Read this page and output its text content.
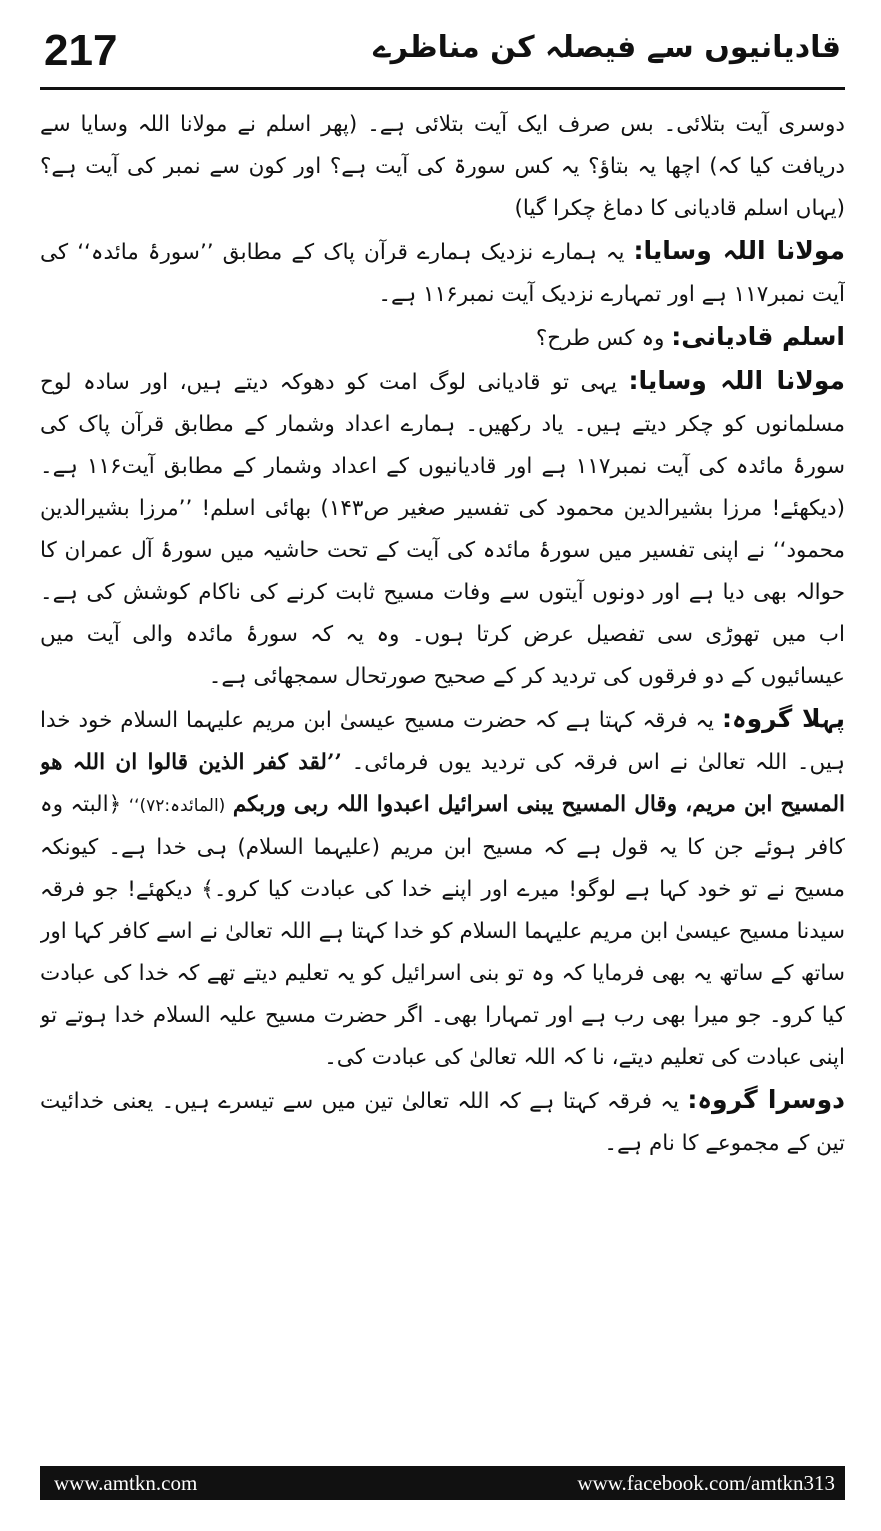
217	قادیانیوں سے فیصلہ کن مناظرے

دوسری آیت بتلائی۔ بس صرف ایک آیت بتلائی ہے۔ (پھر اسلم نے مولانا اللہ وسایا سے دریافت کیا کہ) اچھا یہ بتاؤ؟ یہ کس سورۃ کی آیت ہے؟ اور کون سے نمبر کی آیت ہے؟ (یہاں اسلم قادیانی کا دماغ چکرا گیا)

مولانا اللہ وسایا: یہ ہمارے نزدیک ہمارے قرآن پاک کے مطابق ’’سورۂ مائدہ‘‘ کی آیت نمبر۱۱۷ ہے اور تمہارے نزدیک آیت نمبر۱۱۶ ہے۔

اسلم قادیانی: وہ کس طرح؟

مولانا اللہ وسایا: یہی تو قادیانی لوگ امت کو دھوکہ دیتے ہیں، اور سادہ لوح مسلمانوں کو چکر دیتے ہیں۔ یاد رکھیں۔ ہمارے اعداد وشمار کے مطابق قرآن پاک کی سورۂ مائدہ کی آیت نمبر۱۱۷ ہے اور قادیانیوں کے اعداد وشمار کے مطابق آیت۱۱۶ ہے۔ (دیکھئے! مرزا بشیرالدین محمود کی تفسیر صغیر ص۱۴۳) بھائی اسلم! ’’مرزا بشیرالدین محمود‘‘ نے اپنی تفسیر میں سورۂ مائدہ کی آیت کے تحت حاشیہ میں سورۂ آل عمران کا حوالہ بھی دیا ہے اور دونوں آیتوں سے وفات مسیح ثابت کرنے کی ناکام کوشش کی ہے۔ اب میں تھوڑی سی تفصیل عرض کرتا ہوں۔ وہ یہ کہ سورۂ مائدہ والی آیت میں عیسائیوں کے دو فرقوں کی تردید کر کے صحیح صورتحال سمجھائی ہے۔

پہلا گروہ: یہ فرقہ کہتا ہے کہ حضرت مسیح عیسیٰ ابن مریم علیہما السلام خود خدا ہیں۔ اللہ تعالیٰ نے اس فرقہ کی تردید یوں فرمائی۔ ’’لقد کفر الذین قالوا ان اللہ ھو المسیح ابن مریم، وقال المسیح یبنی اسرائیل اعبدوا اللہ ربی وربکم (المائدہ:۷۲)‘‘ ﴿البتہ وہ کافر ہوئے جن کا یہ قول ہے کہ مسیح ابن مریم (علیہما السلام) ہی خدا ہے۔ کیونکہ مسیح نے تو خود کہا ہے لوگو! میرے اور اپنے خدا کی عبادت کیا کرو۔﴾ دیکھئے! جو فرقہ سیدنا مسیح عیسیٰ ابن مریم علیہما السلام کو خدا کہتا ہے اللہ تعالیٰ نے اسے کافر کہا اور ساتھ کے ساتھ یہ بھی فرمایا کہ وہ تو بنی اسرائیل کو یہ تعلیم دیتے تھے کہ خدا کی عبادت کیا کرو۔ جو میرا بھی رب ہے اور تمہارا بھی۔ اگر حضرت مسیح علیہ السلام خدا ہوتے تو اپنی عبادت کی تعلیم دیتے، نا کہ اللہ تعالیٰ کی عبادت کی۔

دوسرا گروہ: یہ فرقہ کہتا ہے کہ اللہ تعالیٰ تین میں سے تیسرے ہیں۔ یعنی خدائیت تین کے مجموعے کا نام ہے۔

www.amtkn.com	www.facebook.com/amtkn313
